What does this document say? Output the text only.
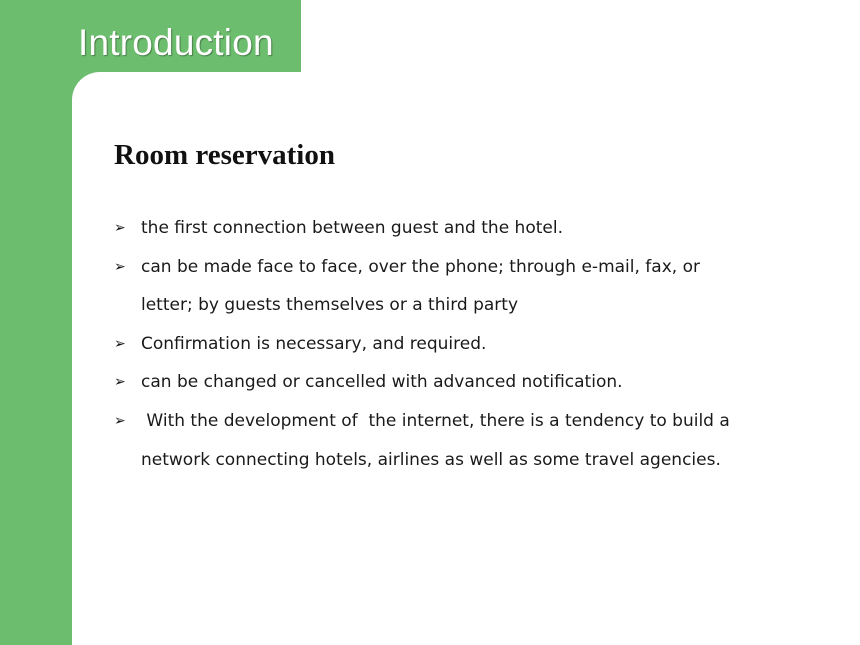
Introduction
Room reservation
➢ the first connection between guest and the hotel.
➢ can be made face to face, over the phone; through e-mail, fax, or letter; by guests themselves or a third party
➢ Confirmation is necessary, and required.
➢ can be changed or cancelled with advanced notification.
➢ With the development of  the internet, there is a tendency to build a network connecting hotels, airlines as well as some travel agencies.
